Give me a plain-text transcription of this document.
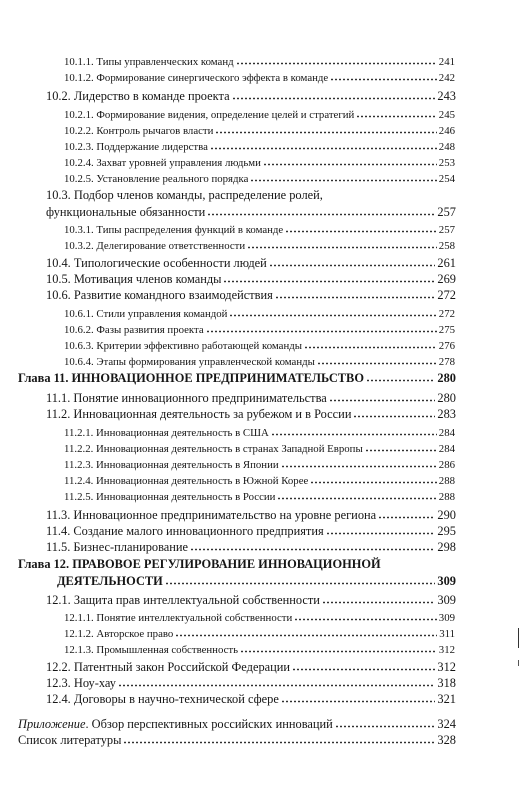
10.1.1. Типы управленческих команд	241
10.1.2. Формирование синергического эффекта в команде	242
10.2. Лидерство в команде проекта	243
10.2.1. Формирование видения, определение целей и стратегий	245
10.2.2. Контроль рычагов власти	246
10.2.3. Поддержание лидерства	248
10.2.4. Захват уровней управления людьми	253
10.2.5. Установление реального порядка	254
10.3. Подбор членов команды, распределение ролей,
функциональные обязанности	257
10.3.1. Типы распределения функций в команде	257
10.3.2. Делегирование ответственности	258
10.4. Типологические особенности людей	261
10.5. Мотивация членов команды	269
10.6. Развитие командного взаимодействия	272
10.6.1. Стили управления командой	272
10.6.2. Фазы развития проекта	275
10.6.3. Критерии эффективно работающей команды	276
10.6.4. Этапы формирования управленческой команды	278
Глава 11. ИННОВАЦИОННОЕ ПРЕДПРИНИМАТЕЛЬСТВО	280
11.1. Понятие инновационного предпринимательства	280
11.2. Инновационная деятельность за рубежом и в России	283
11.2.1. Инновационная деятельность в США	284
11.2.2. Инновационная деятельность в странах Западной Европы	284
11.2.3. Инновационная деятельность в Японии	286
11.2.4. Инновационная деятельность в Южной Корее	288
11.2.5. Инновационная деятельность в России	288
11.3. Инновационное предпринимательство на уровне региона	290
11.4. Создание малого инновационного предприятия	295
11.5. Бизнес-планирование	298
Глава 12. ПРАВОВОЕ РЕГУЛИРОВАНИЕ ИННОВАЦИОННОЙ
ДЕЯТЕЛЬНОСТИ	309
12.1. Защита прав интеллектуальной собственности	309
12.1.1. Понятие интеллектуальной собственности	309
12.1.2. Авторское право	311
12.1.3. Промышленная собственность	312
12.2. Патентный закон Российской Федерации	312
12.3. Ноу-хау	318
12.4. Договоры в научно-технической сфере	321
Приложение. Обзор перспективных российских инноваций	324
Список литературы	328
